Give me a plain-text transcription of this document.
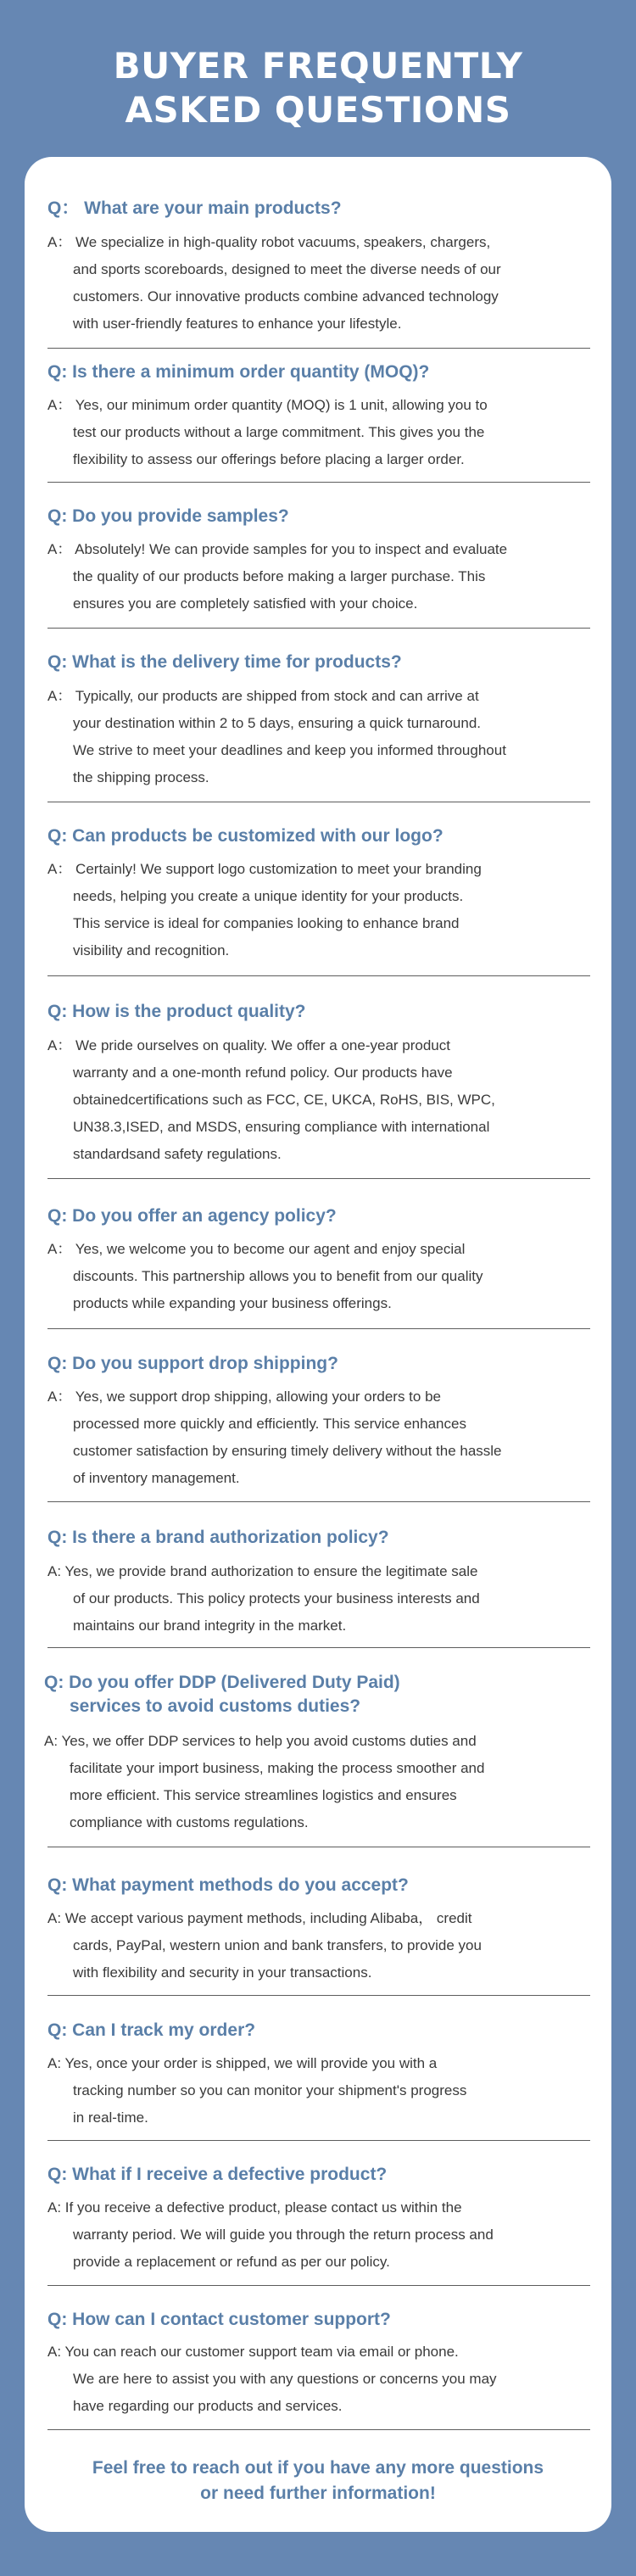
BUYER FREQUENTLY
ASKED QUESTIONS
Q： What are your main products?
A： We specialize in high-quality robot vacuums, speakers, chargers,
and sports scoreboards, designed to meet the diverse needs of our
customers. Our innovative products combine advanced technology
with user-friendly features to enhance your lifestyle.
Q: Is there a minimum order quantity (MOQ)?
A： Yes, our minimum order quantity (MOQ) is 1 unit, allowing you to
test our products without a large commitment. This gives you the
flexibility to assess our offerings before placing a larger order.
Q: Do you provide samples?
A： Absolutely! We can provide samples for you to inspect and evaluate
the quality of our products before making a larger purchase. This
ensures you are completely satisfied with your choice.
Q: What is the delivery time for products?
A： Typically, our products are shipped from stock and can arrive at
your destination within 2 to 5 days, ensuring a quick turnaround.
We strive to meet your deadlines and keep you informed throughout
the shipping process.
Q: Can products be customized with our logo?
A： Certainly! We support logo customization to meet your branding
needs, helping you create a unique identity for your products.
This service is ideal for companies looking to enhance brand
visibility and recognition.
Q: How is the product quality?
A： We pride ourselves on quality. We offer a one-year product
warranty and a one-month refund policy. Our products have
obtainedcertifications such as FCC, CE, UKCA, RoHS, BIS, WPC,
UN38.3,ISED, and MSDS, ensuring compliance with international
standardsand safety regulations.
Q: Do you offer an agency policy?
A： Yes, we welcome you to become our agent and enjoy special
discounts. This partnership allows you to benefit from our quality
products while expanding your business offerings.
Q: Do you support drop shipping?
A： Yes, we support drop shipping, allowing your orders to be
processed more quickly and efficiently. This service enhances
customer satisfaction by ensuring timely delivery without the hassle
of inventory management.
Q: Is there a brand authorization policy?
A: Yes, we provide brand authorization to ensure the legitimate sale
of our products. This policy protects your business interests and
maintains our brand integrity in the market.
Q: Do you offer DDP (Delivered Duty Paid)
services to avoid customs duties?
A: Yes, we offer DDP services to help you avoid customs duties and
facilitate your import business, making the process smoother and
more efficient. This service streamlines logistics and ensures
compliance with customs regulations.
Q: What payment methods do you accept?
A: We accept various payment methods, including Alibaba， credit
cards, PayPal, western union and bank transfers, to provide you
with flexibility and security in your transactions.
Q: Can I track my order?
A: Yes, once your order is shipped, we will provide you with a
tracking number so you can monitor your shipment's progress
in real-time.
Q: What if I receive a defective product?
A: If you receive a defective product, please contact us within the
warranty period. We will guide you through the return process and
provide a replacement or refund as per our policy.
Q: How can I contact customer support?
A: You can reach our customer support team via email or phone.
We are here to assist you with any questions or concerns you may
have regarding our products and services.
Feel free to reach out if you have any more questions
or need further information!
